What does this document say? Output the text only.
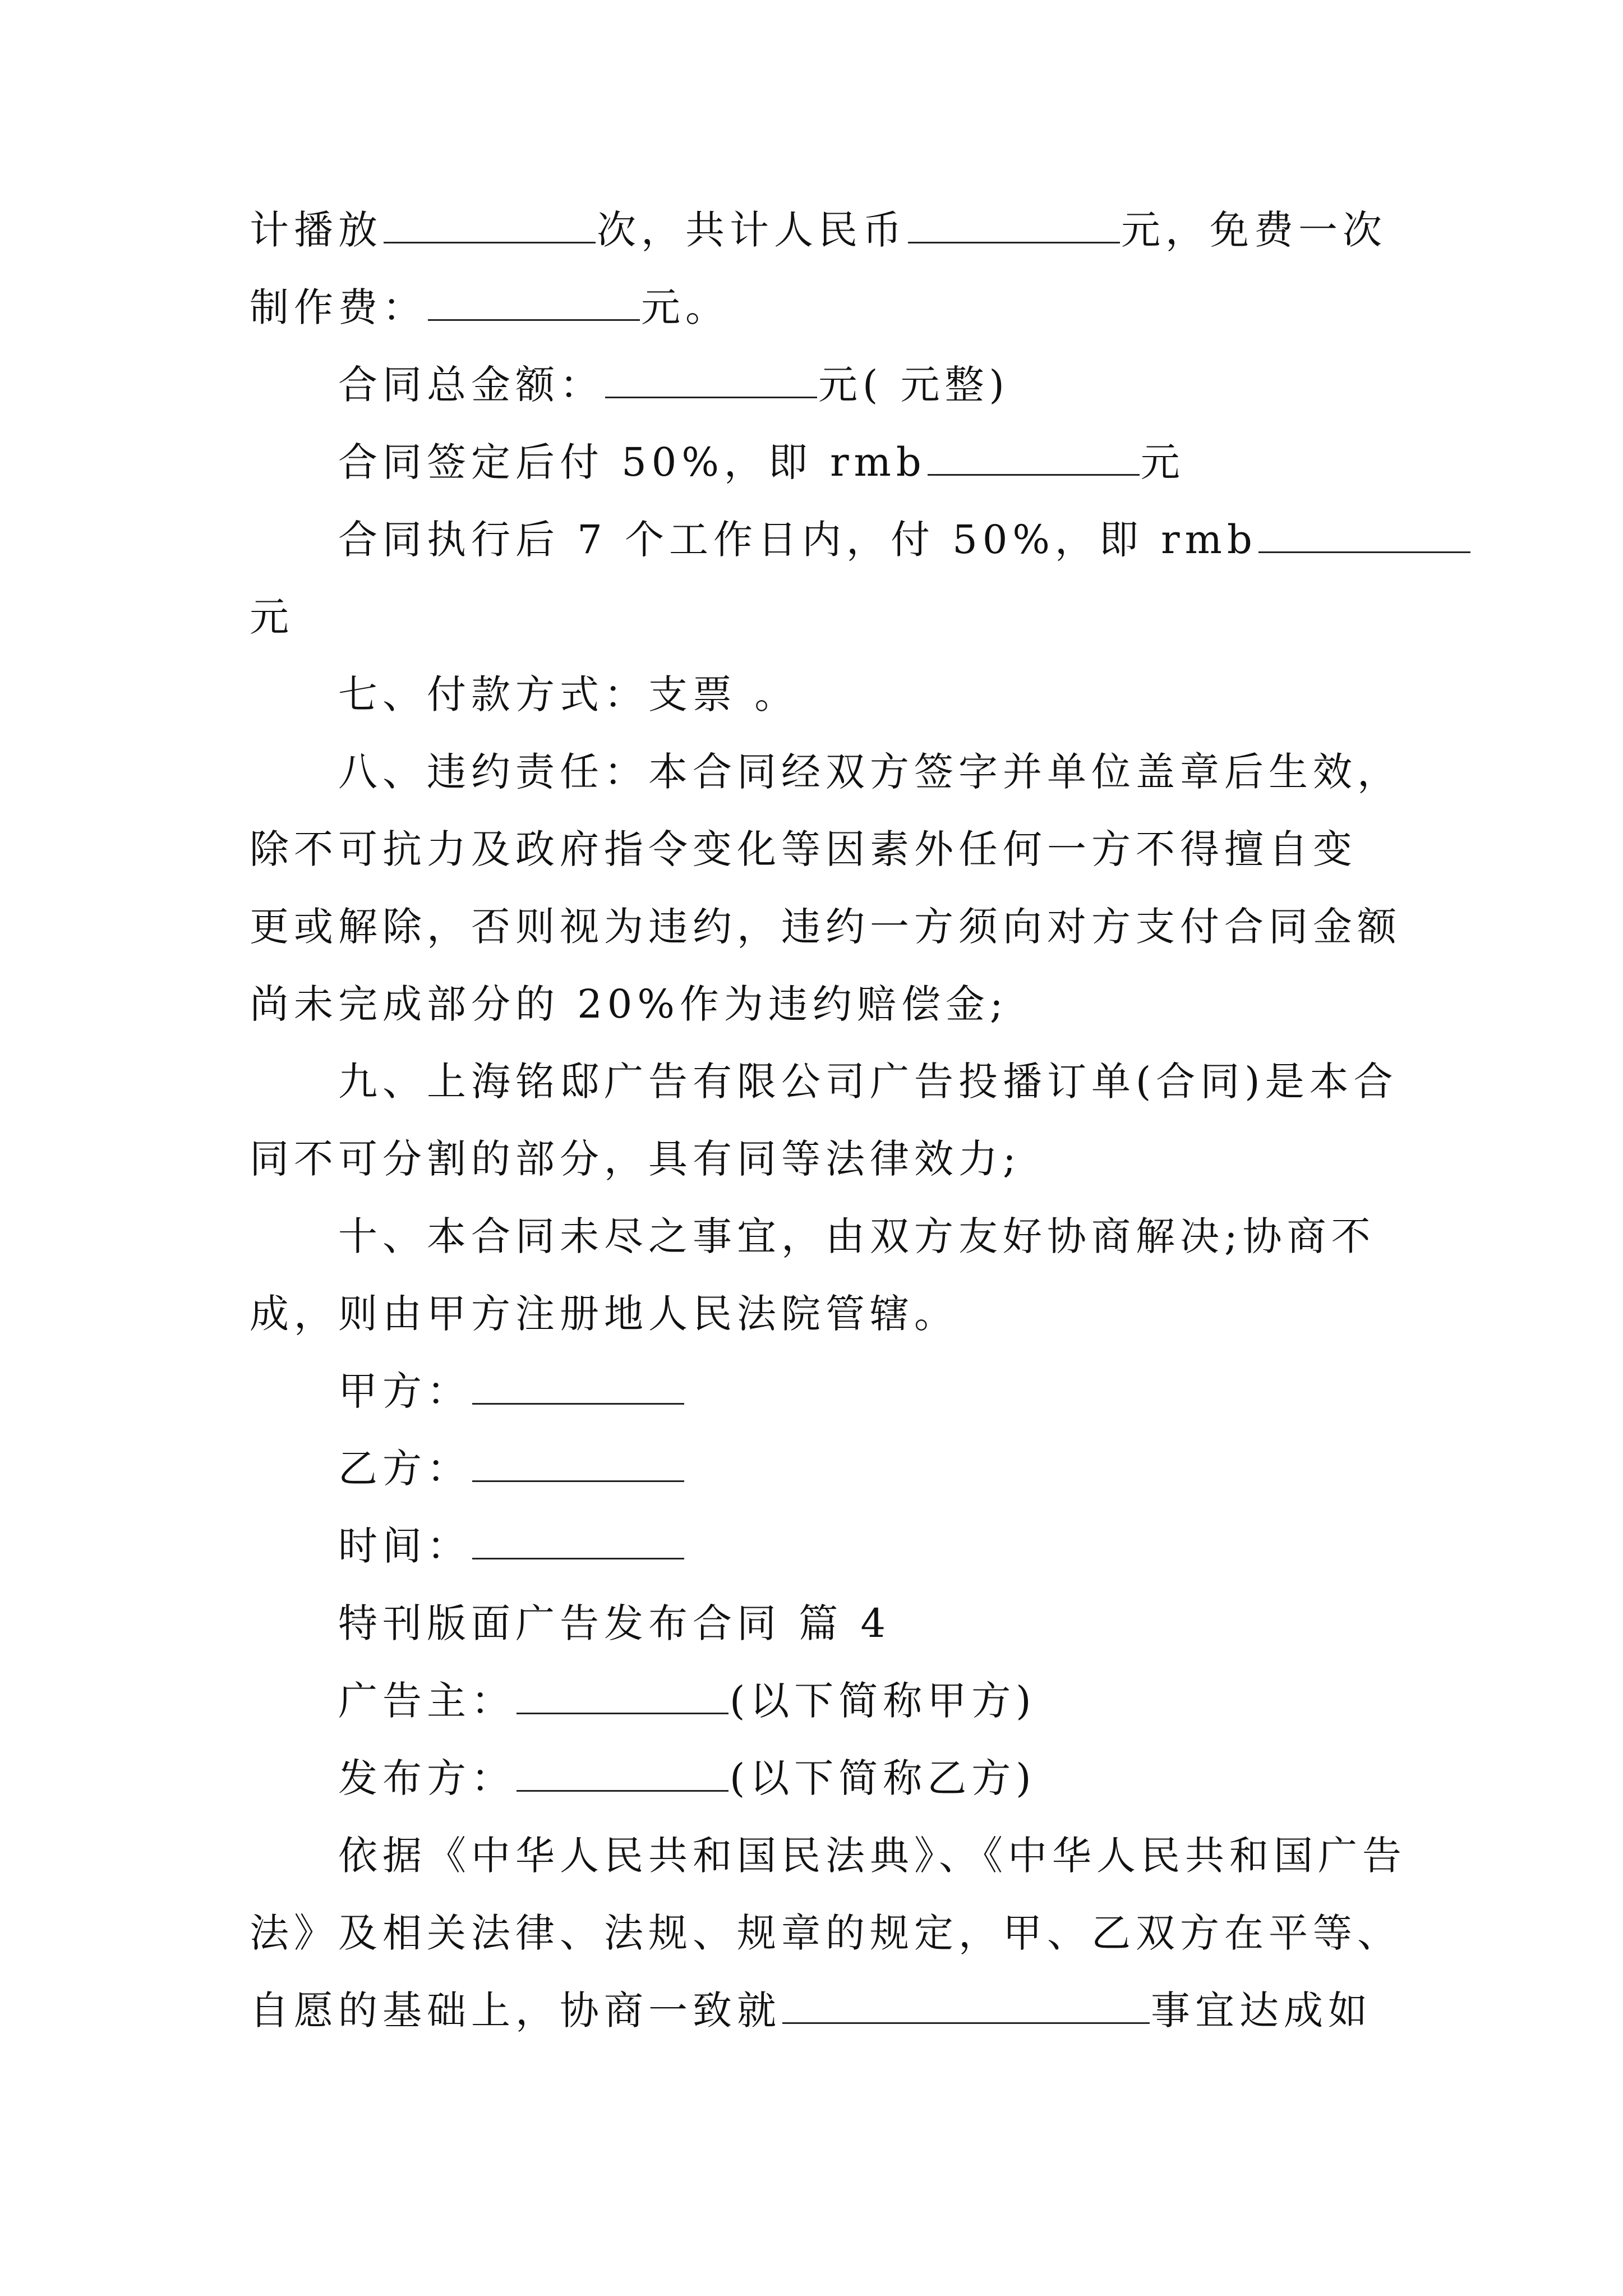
计播放	次，共计人民币	元，免费一次
制作费：	元。
合同总金额：	元( 元整)
合同签定后付 50%，即 rmb	元
合同执行后 7 个工作日内，付 50%，即 rmb
元
七、付款方式：支票 。
八、违约责任：本合同经双方签字并单位盖章后生效，
除不可抗力及政府指令变化等因素外任何一方不得擅自变
更或解除，否则视为违约，违约一方须向对方支付合同金额
尚未完成部分的 20%作为违约赔偿金;
九、上海铭邸广告有限公司广告投播订单(合同)是本合
同不可分割的部分，具有同等法律效力;
十、本合同未尽之事宜，由双方友好协商解决;协商不
成，则由甲方注册地人民法院管辖。
甲方：
乙方：
时间：
特刊版面广告发布合同 篇 4
广告主：	(以下简称甲方)
发布方：	(以下简称乙方)
依据《中华人民共和国民法典》、《中华人民共和国广告
法》及相关法律、法规、规章的规定，甲、乙双方在平等、
自愿的基础上，协商一致就	事宜达成如
